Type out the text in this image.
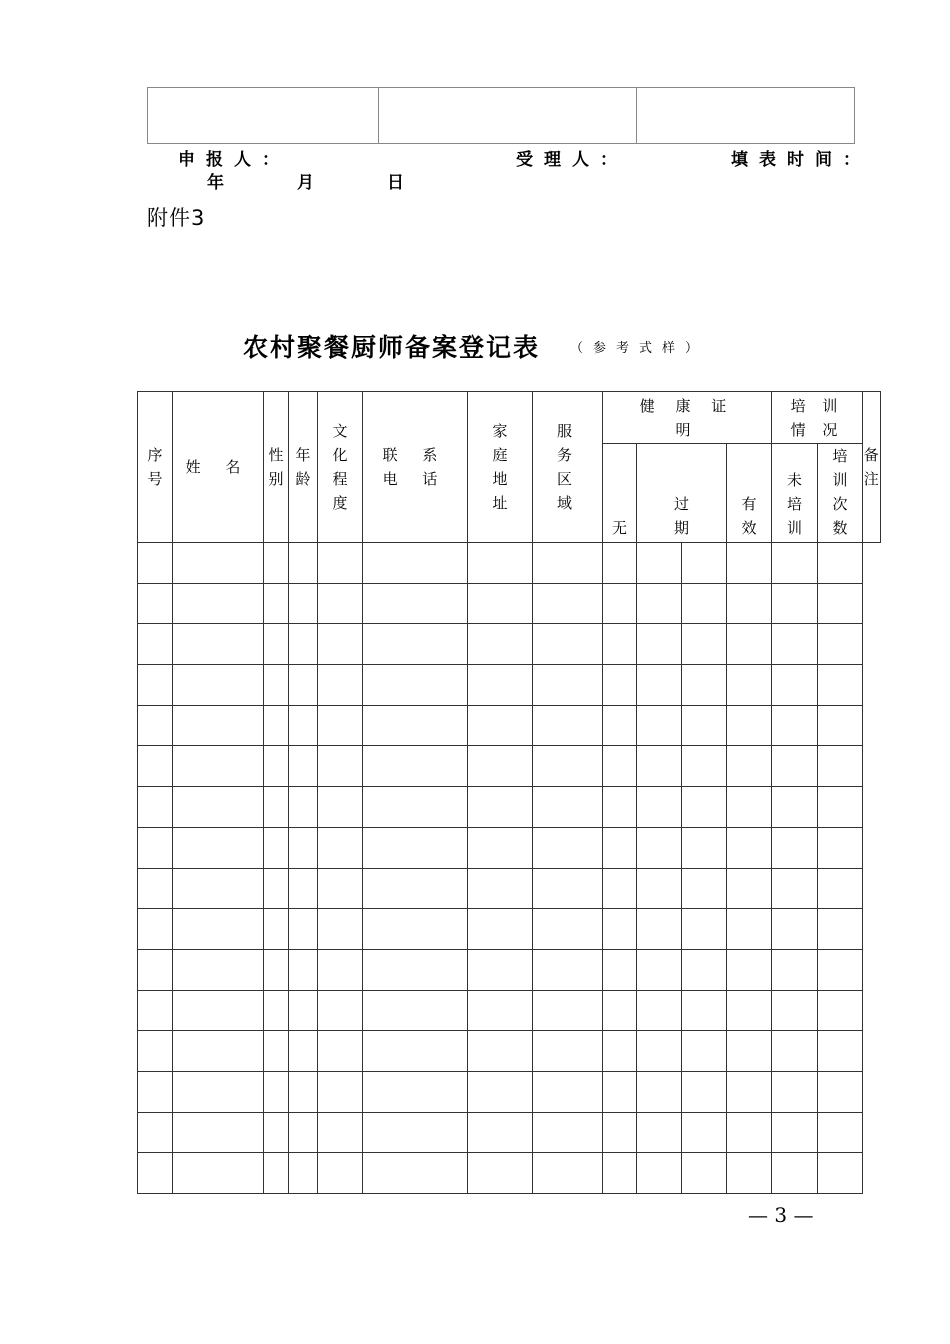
申报人：	受理人：	填表时间：
年	月	日
附件3
农村聚餐厨师备案登记表 （参考式样）
序号	姓 名	性别	年龄	文化程度	联 系 电 话	家庭地址	服 务 区 域	健 康 证 明				培 训 情 况		备注
								无	过期		有效	未培训	培训次数	

— 3 —
